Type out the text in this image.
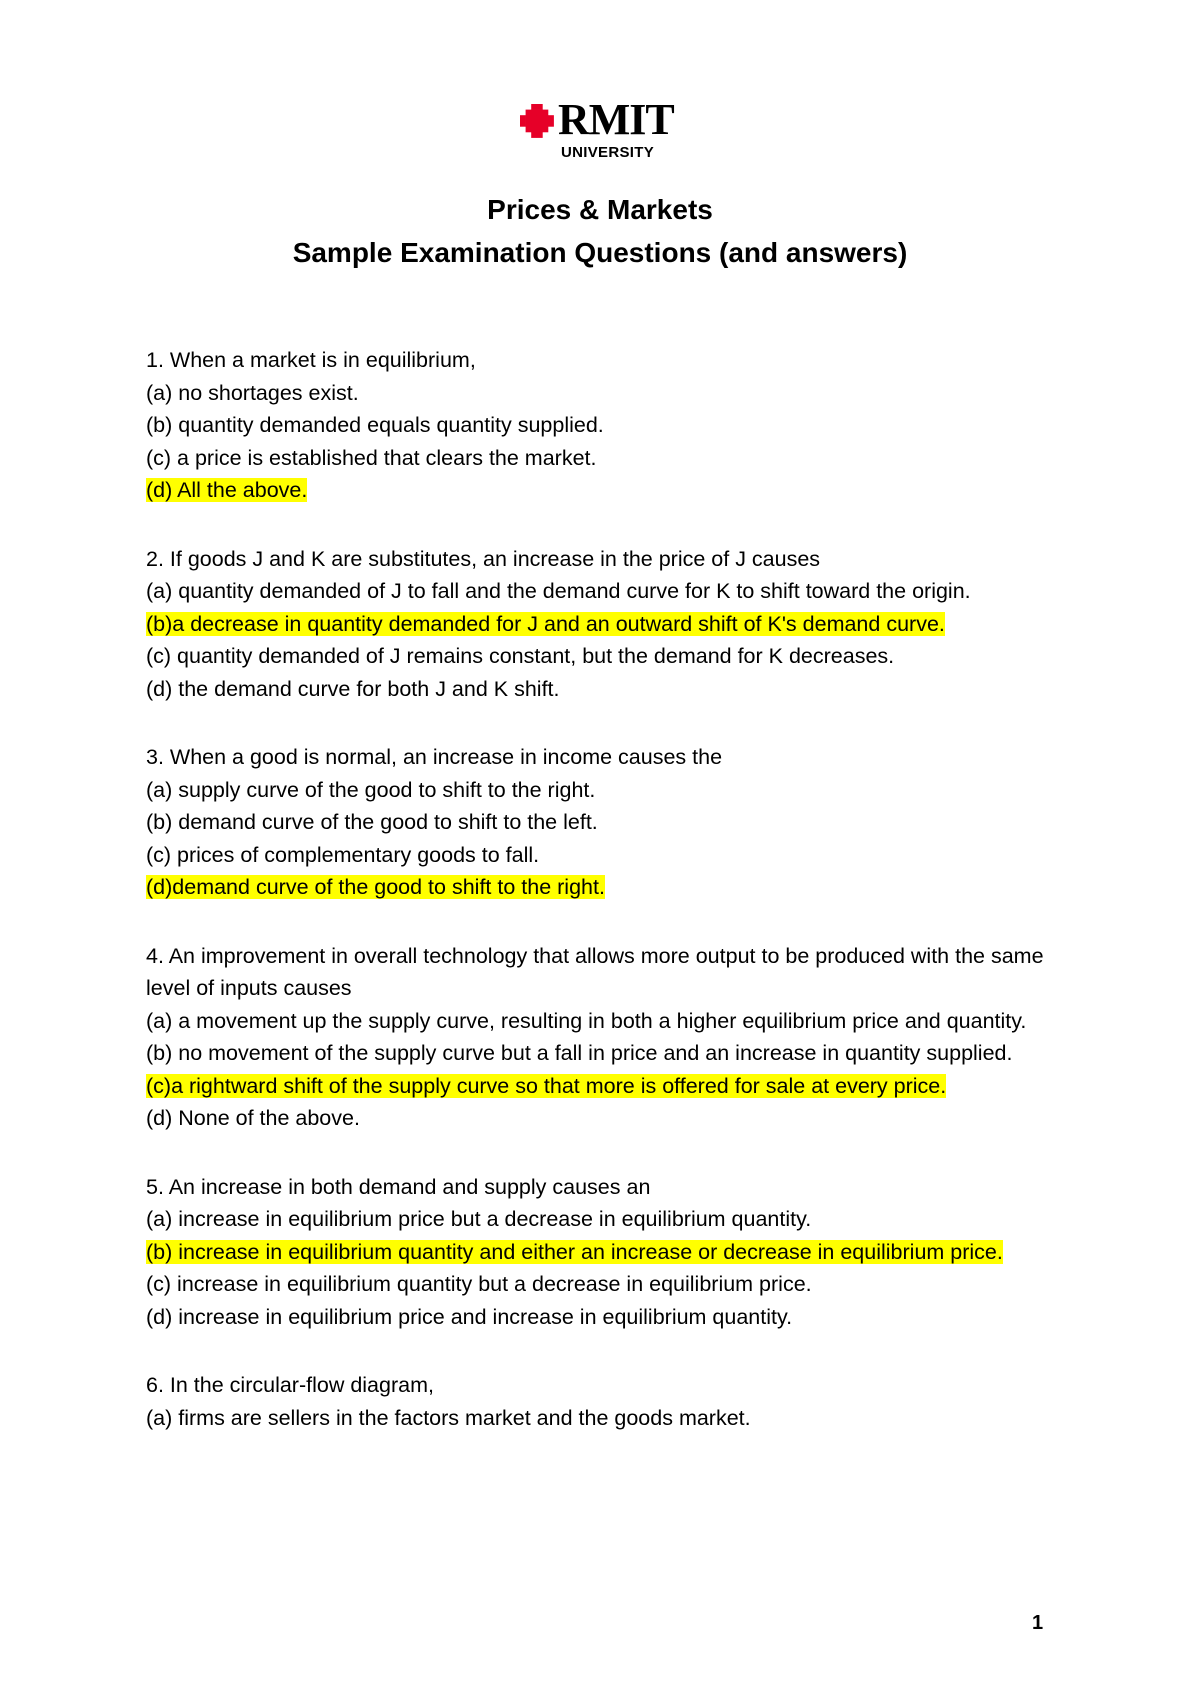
RMIT
UNIVERSITY
Prices & Markets
Sample Examination Questions (and answers)
1. When a market is in equilibrium,
(a) no shortages exist.
(b) quantity demanded equals quantity supplied.
(c) a price is established that clears the market.
(d) All the above.
2. If goods J and K are substitutes, an increase in the price of J causes
(a) quantity demanded of J to fall and the demand curve for K to shift toward the origin.
(b)a decrease in quantity demanded for J and an outward shift of K's demand curve.
(c) quantity demanded of J remains constant, but the demand for K decreases.
(d) the demand curve for both J and K shift.
3. When a good is normal, an increase in income causes the
(a) supply curve of the good to shift to the right.
(b) demand curve of the good to shift to the left.
(c) prices of complementary goods to fall.
(d)demand curve of the good to shift to the right.
4. An improvement in overall technology that allows more output to be produced with the same level of inputs causes
(a) a movement up the supply curve, resulting in both a higher equilibrium price and quantity.
(b) no movement of the supply curve but a fall in price and an increase in quantity supplied.
(c)a rightward shift of the supply curve so that more is offered for sale at every price.
(d) None of the above.
5. An increase in both demand and supply causes an
(a) increase in equilibrium price but a decrease in equilibrium quantity.
(b) increase in equilibrium quantity and either an increase or decrease in equilibrium price.
(c) increase in equilibrium quantity but a decrease in equilibrium price.
(d) increase in equilibrium price and increase in equilibrium quantity.
6. In the circular-flow diagram,
(a) firms are sellers in the factors market and the goods market.
1
